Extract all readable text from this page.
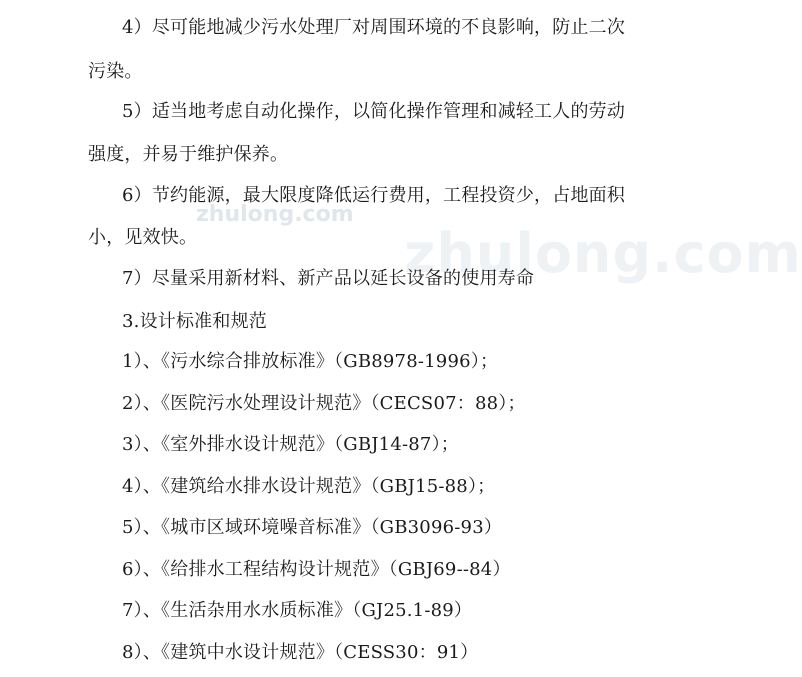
zhulong.com
zhulong.com
4）尽可能地减少污水处理厂对周围环境的不良影响，防止二次
污染。
5）适当地考虑自动化操作，以简化操作管理和减轻工人的劳动
强度，并易于维护保养。
6）节约能源，最大限度降低运行费用，工程投资少，占地面积
小，见效快。
7）尽量采用新材料、新产品以延长设备的使用寿命
3.设计标准和规范
1）、《污水综合排放标准》（GB8978-1996）；
2）、《医院污水处理设计规范》（CECS07：88）；
3）、《室外排水设计规范》（GBJ14-87）；
4）、《建筑给水排水设计规范》（GBJ15-88）；
5）、《城市区域环境噪音标准》（GB3096-93）
6）、《给排水工程结构设计规范》（GBJ69--84）
7）、《生活杂用水水质标准》（GJ25.1-89）
8）、《建筑中水设计规范》（CESS30：91）
